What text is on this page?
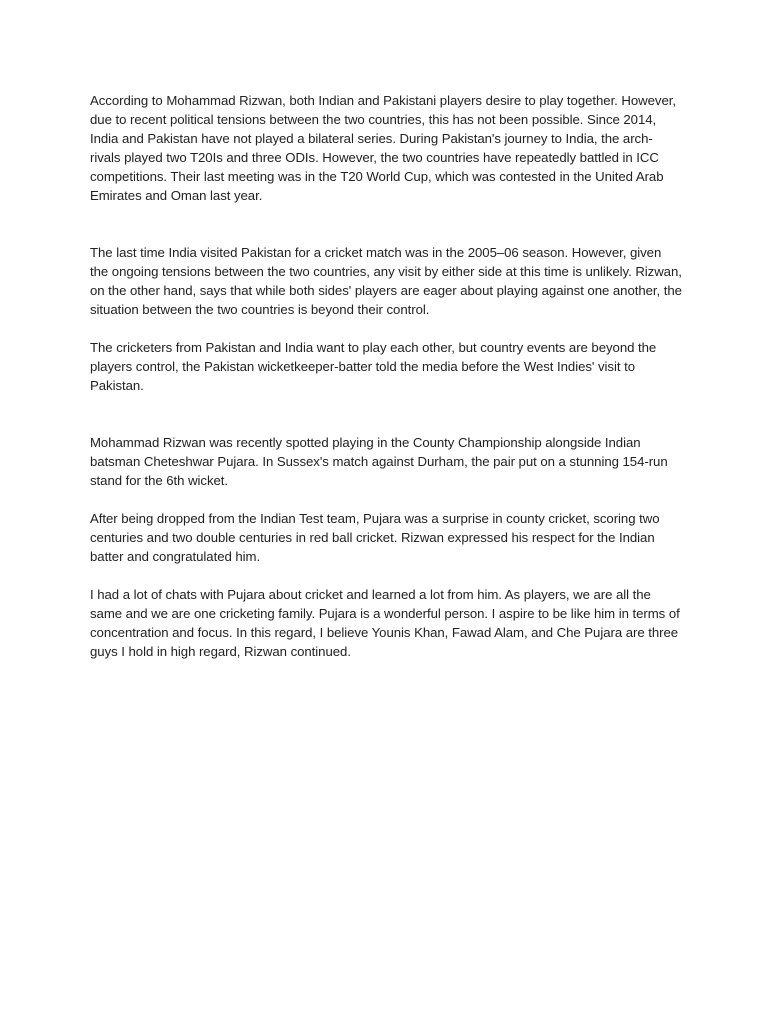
According to Mohammad Rizwan, both Indian and Pakistani players desire to play together. However, due to recent political tensions between the two countries, this has not been possible. Since 2014, India and Pakistan have not played a bilateral series. During Pakistan's journey to India, the arch-rivals played two T20Is and three ODIs. However, the two countries have repeatedly battled in ICC competitions. Their last meeting was in the T20 World Cup, which was contested in the United Arab Emirates and Oman last year.

The last time India visited Pakistan for a cricket match was in the 2005–06 season. However, given the ongoing tensions between the two countries, any visit by either side at this time is unlikely. Rizwan, on the other hand, says that while both sides' players are eager about playing against one another, the situation between the two countries is beyond their control.

The cricketers from Pakistan and India want to play each other, but country events are beyond the players control, the Pakistan wicketkeeper-batter told the media before the West Indies' visit to Pakistan.

Mohammad Rizwan was recently spotted playing in the County Championship alongside Indian batsman Cheteshwar Pujara. In Sussex's match against Durham, the pair put on a stunning 154-run stand for the 6th wicket.

After being dropped from the Indian Test team, Pujara was a surprise in county cricket, scoring two centuries and two double centuries in red ball cricket. Rizwan expressed his respect for the Indian batter and congratulated him.

I had a lot of chats with Pujara about cricket and learned a lot from him. As players, we are all the same and we are one cricketing family. Pujara is a wonderful person. I aspire to be like him in terms of concentration and focus. In this regard, I believe Younis Khan, Fawad Alam, and Che Pujara are three guys I hold in high regard, Rizwan continued.
